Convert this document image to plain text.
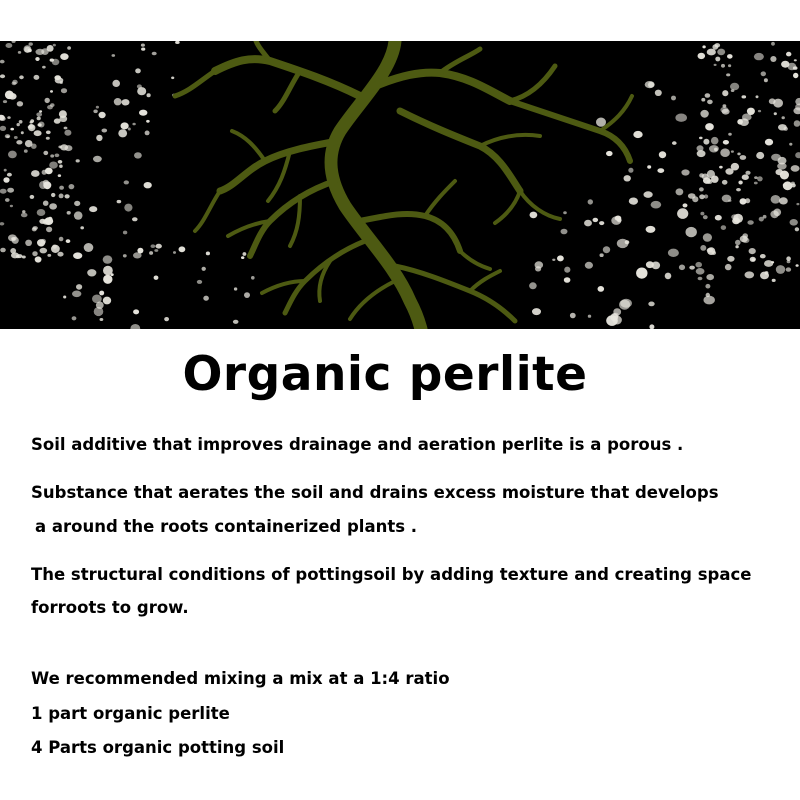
Organic perlite
Soil additive that improves drainage and aeration perlite is a porous .
Substance that aerates the soil and drains excess moisture that develops
a around the roots containerized plants .
The structural conditions of pottingsoil by adding texture and creating space
forroots to grow.
We recommended mixing a mix at a 1:4 ratio
1 part organic perlite
4 Parts organic potting soil
